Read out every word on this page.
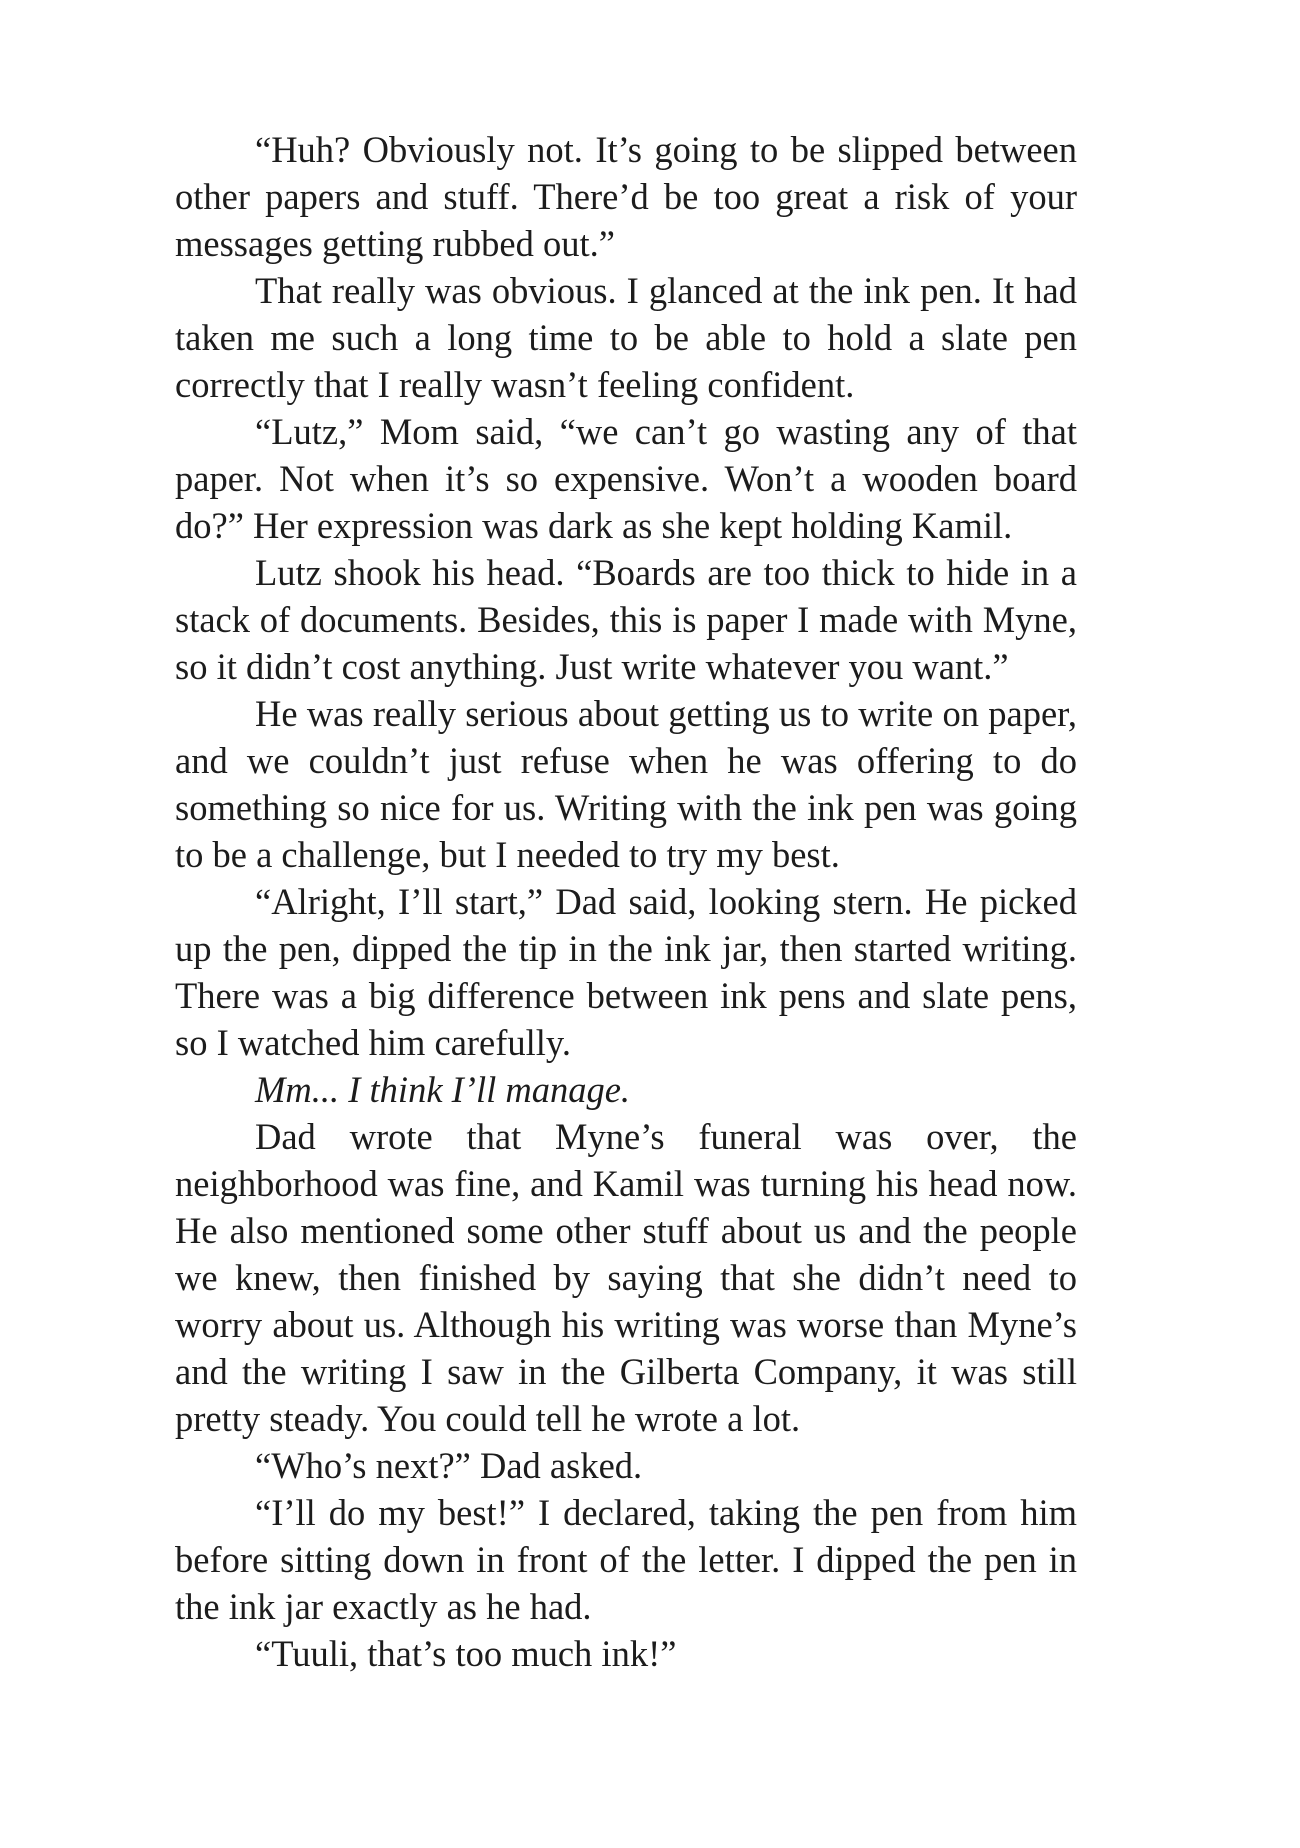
“Huh? Obviously not. It’s going to be slipped between other papers and stuff. There’d be too great a risk of your messages getting rubbed out.”

That really was obvious. I glanced at the ink pen. It had taken me such a long time to be able to hold a slate pen correctly that I really wasn’t feeling confident.

“Lutz,” Mom said, “we can’t go wasting any of that paper. Not when it’s so expensive. Won’t a wooden board do?” Her expression was dark as she kept holding Kamil.

Lutz shook his head. “Boards are too thick to hide in a stack of documents. Besides, this is paper I made with Myne, so it didn’t cost anything. Just write whatever you want.”

He was really serious about getting us to write on paper, and we couldn’t just refuse when he was offering to do something so nice for us. Writing with the ink pen was going to be a challenge, but I needed to try my best.

“Alright, I’ll start,” Dad said, looking stern. He picked up the pen, dipped the tip in the ink jar, then started writing. There was a big difference between ink pens and slate pens, so I watched him carefully.

Mm... I think I’ll manage.

Dad wrote that Myne’s funeral was over, the neighborhood was fine, and Kamil was turning his head now. He also mentioned some other stuff about us and the people we knew, then finished by saying that she didn’t need to worry about us. Although his writing was worse than Myne’s and the writing I saw in the Gilberta Company, it was still pretty steady. You could tell he wrote a lot.

“Who’s next?” Dad asked.

“I’ll do my best!” I declared, taking the pen from him before sitting down in front of the letter. I dipped the pen in the ink jar exactly as he had.

“Tuuli, that’s too much ink!”
